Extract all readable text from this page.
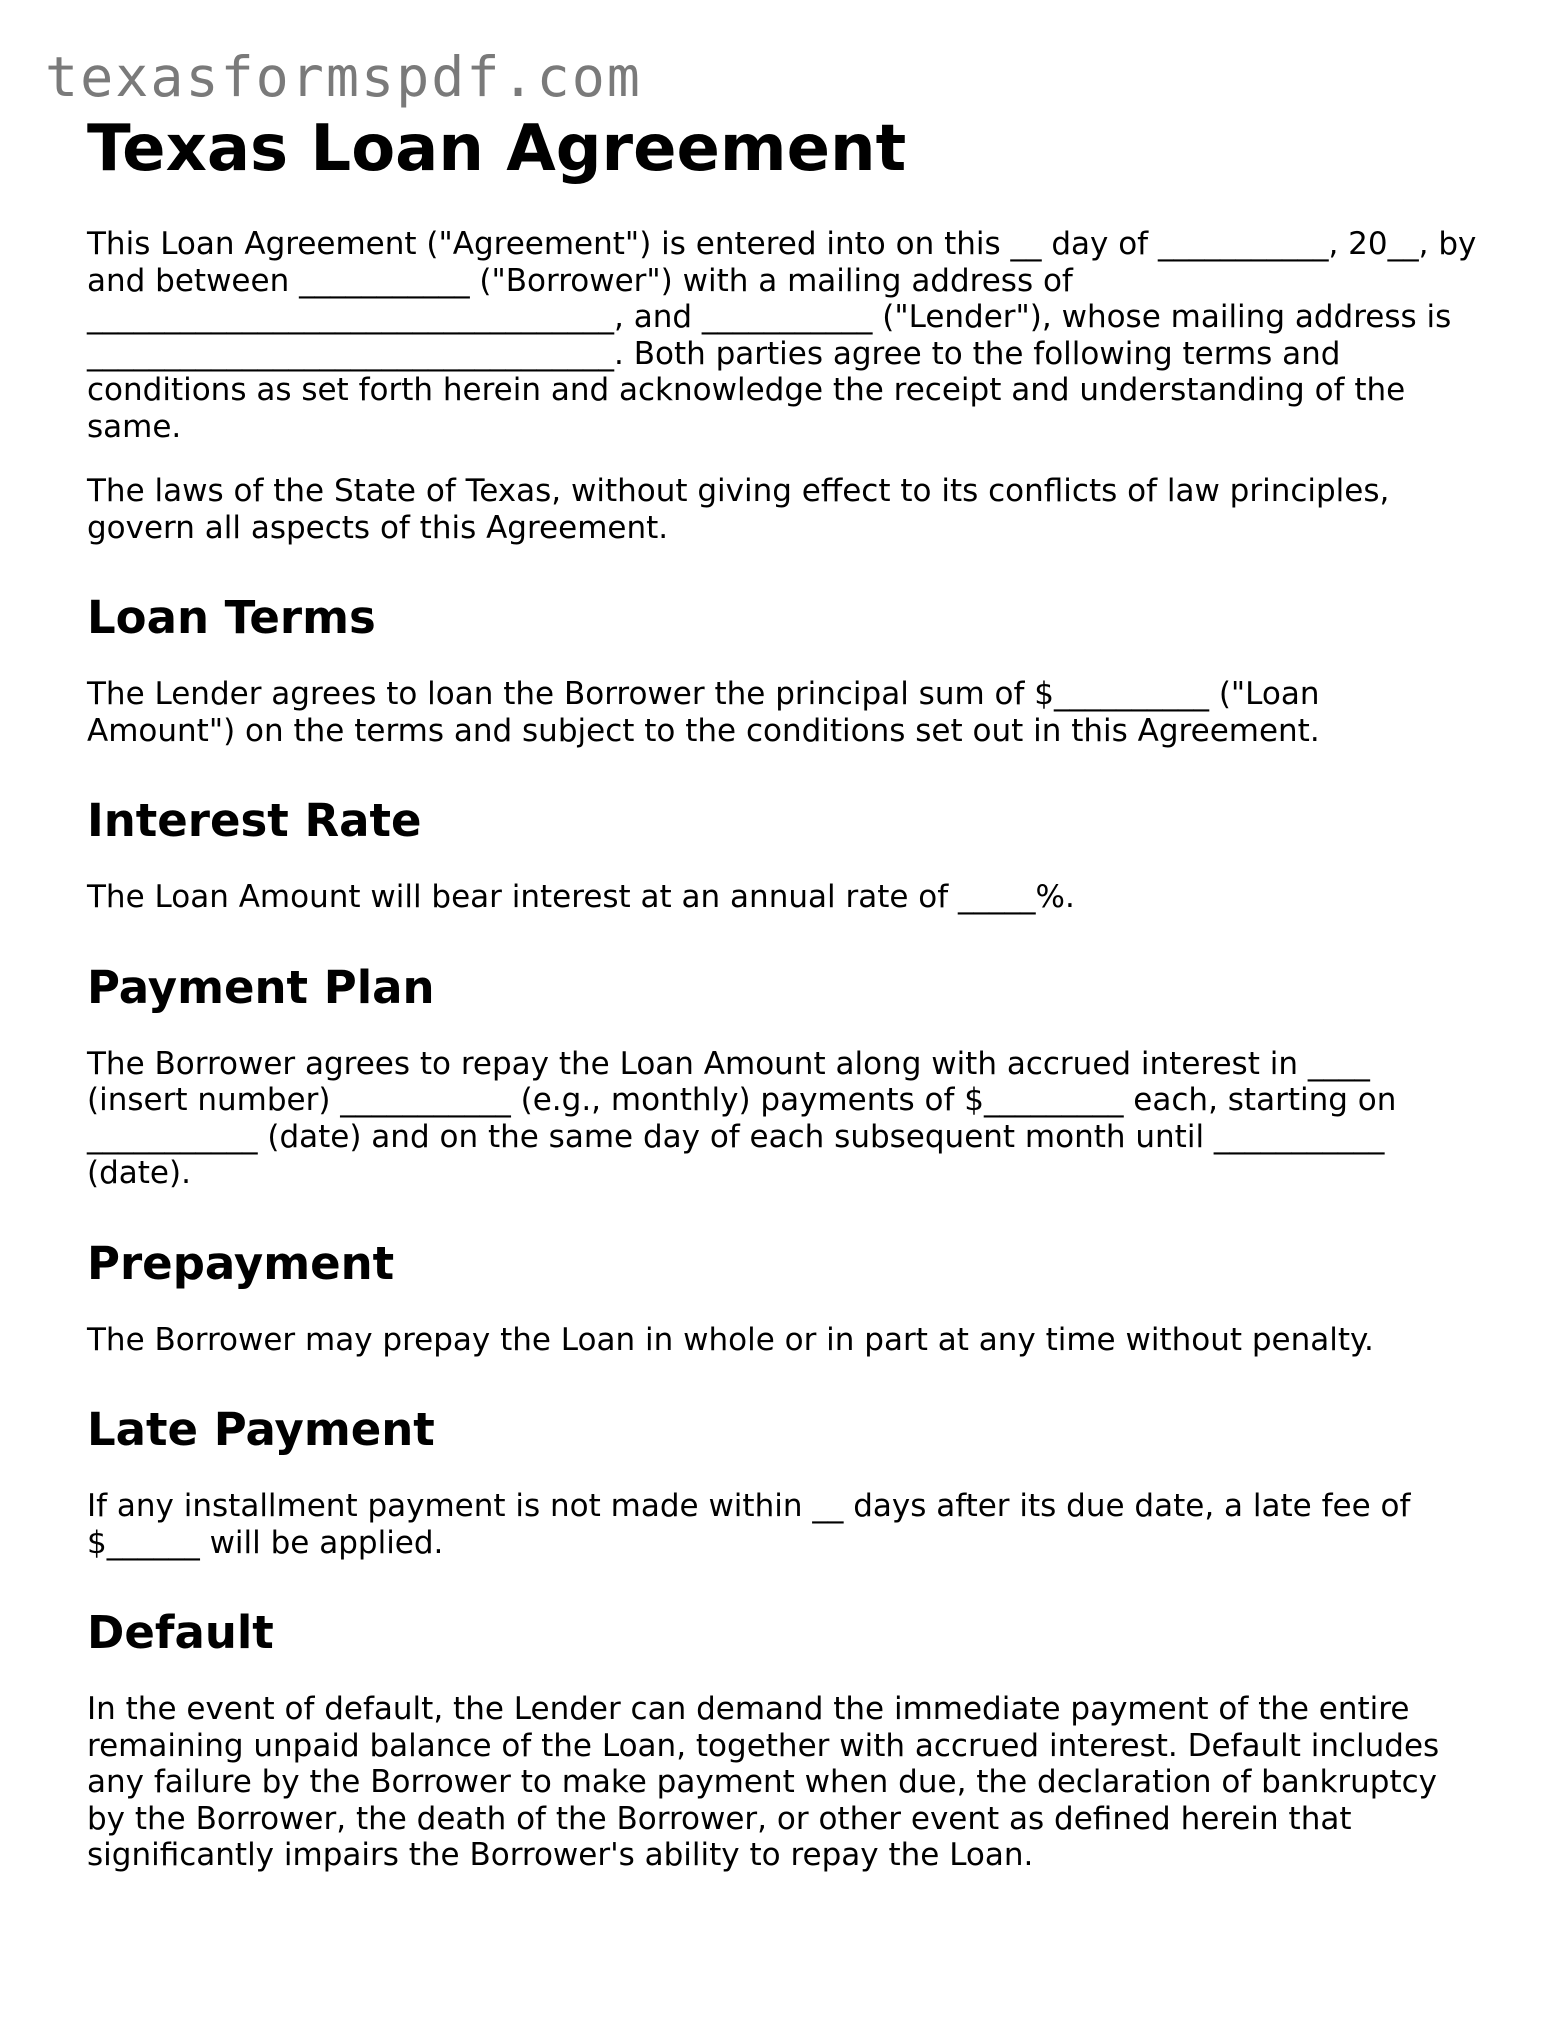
texasformspdf.com
Texas Loan Agreement

This Loan Agreement ("Agreement") is entered into on this __ day of ___________, 20__, by and between ___________ ("Borrower") with a mailing address of __________________________________, and ___________ ("Lender"), whose mailing address is __________________________________. Both parties agree to the following terms and conditions as set forth herein and acknowledge the receipt and understanding of the same.

The laws of the State of Texas, without giving effect to its conflicts of law principles, govern all aspects of this Agreement.

Loan Terms

The Lender agrees to loan the Borrower the principal sum of $__________ ("Loan Amount") on the terms and subject to the conditions set out in this Agreement.

Interest Rate

The Loan Amount will bear interest at an annual rate of _____%.

Payment Plan

The Borrower agrees to repay the Loan Amount along with accrued interest in ____ (insert number) ___________ (e.g., monthly) payments of $_________ each, starting on ___________ (date) and on the same day of each subsequent month until ___________ (date).

Prepayment

The Borrower may prepay the Loan in whole or in part at any time without penalty.

Late Payment

If any installment payment is not made within __ days after its due date, a late fee of $______ will be applied.

Default

In the event of default, the Lender can demand the immediate payment of the entire remaining unpaid balance of the Loan, together with accrued interest. Default includes any failure by the Borrower to make payment when due, the declaration of bankruptcy by the Borrower, the death of the Borrower, or other event as defined herein that significantly impairs the Borrower's ability to repay the Loan.
